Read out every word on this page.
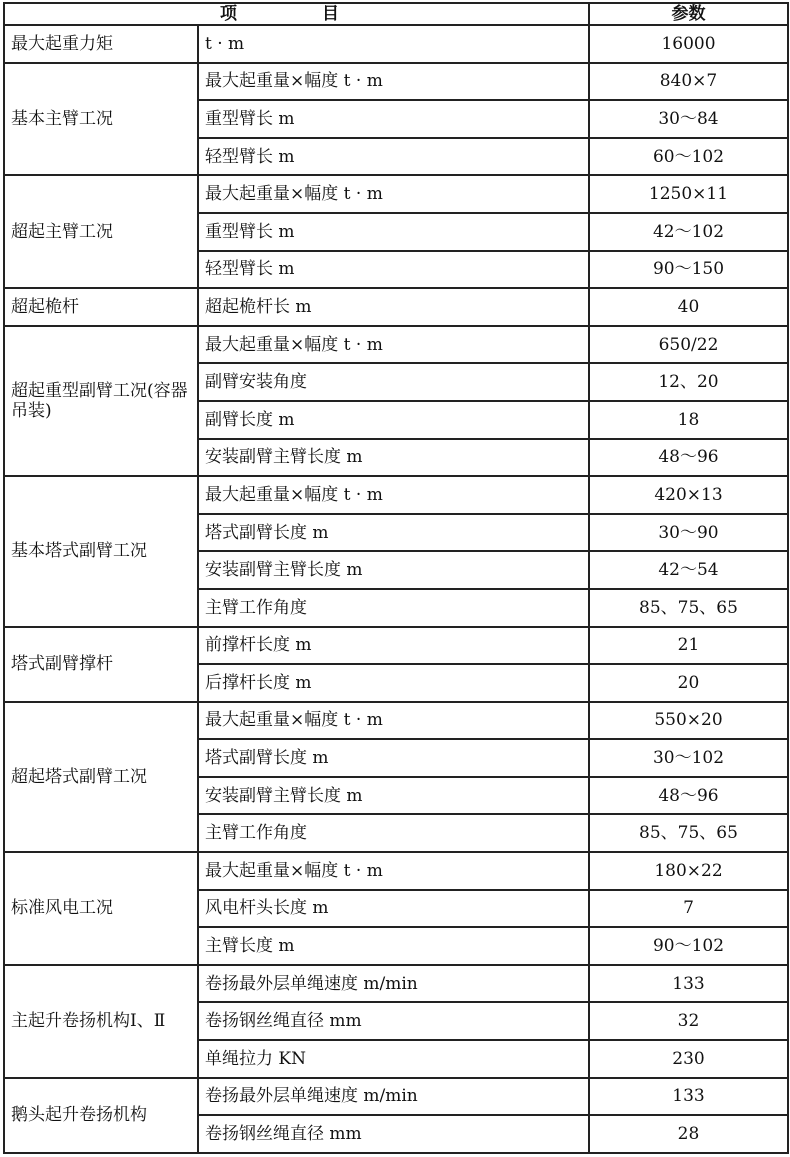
项　目		参数
最大起重力矩	t · m	16000
基本主臂工况	最大起重量×幅度 t · m	840×7
	重型臂长 m	30～84
	轻型臂长 m	60～102
超起主臂工况	最大起重量×幅度 t · m	1250×11
	重型臂长 m	42～102
	轻型臂长 m	90～150
超起桅杆	超起桅杆长 m	40
超起重型副臂工况(容器吊装)	最大起重量×幅度 t · m	650/22
	副臂安装角度	12、20
	副臂长度 m	18
	安装副臂主臂长度 m	48～96
基本塔式副臂工况	最大起重量×幅度 t · m	420×13
	塔式副臂长度 m	30～90
	安装副臂主臂长度 m	42～54
	主臂工作角度	85、75、65
塔式副臂撑杆	前撑杆长度 m	21
	后撑杆长度 m	20
超起塔式副臂工况	最大起重量×幅度 t · m	550×20
	塔式副臂长度 m	30～102
	安装副臂主臂长度 m	48～96
	主臂工作角度	85、75、65
标准风电工况	最大起重量×幅度 t · m	180×22
	风电杆头长度 m	7
	主臂长度 m	90～102
主起升卷扬机构Ⅰ、Ⅱ	卷扬最外层单绳速度 m/min	133
	卷扬钢丝绳直径 mm	32
	单绳拉力 KN	230
鹅头起升卷扬机构	卷扬最外层单绳速度 m/min	133
	卷扬钢丝绳直径 mm	28
